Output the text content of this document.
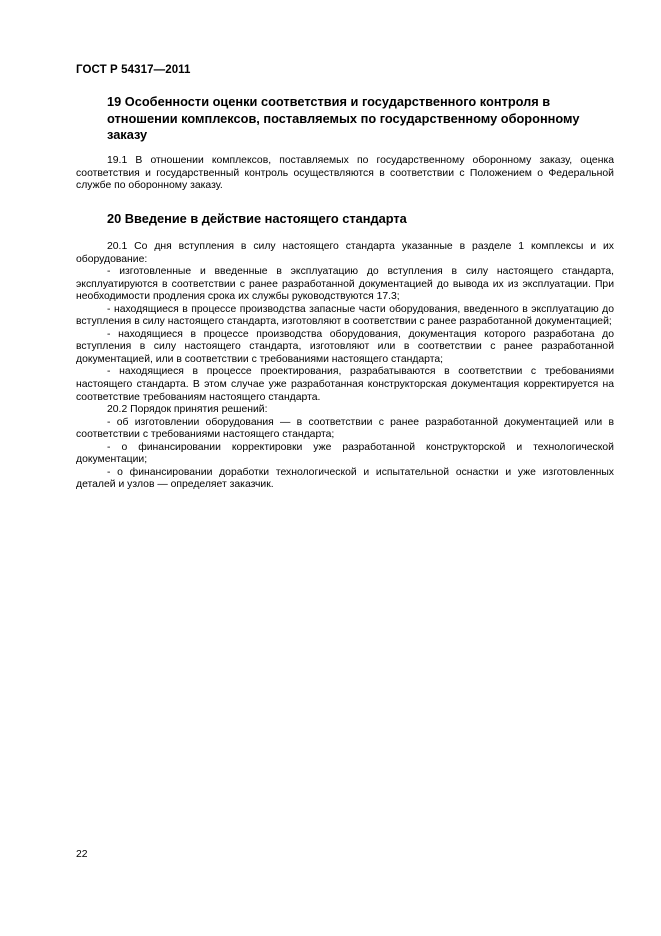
ГОСТ Р 54317—2011
19 Особенности оценки соответствия и государственного контроля в отношении комплексов, поставляемых по государственному оборонному заказу

19.1 В отношении комплексов, поставляемых по государственному оборонному заказу, оценка соответствия и государственный контроль осуществляются в соответствии с Положением о Федеральной службе по оборонному заказу.

20 Введение в действие настоящего стандарта

20.1 Со дня вступления в силу настоящего стандарта указанные в разделе 1 комплексы и их оборудование:

- изготовленные и введенные в эксплуатацию до вступления в силу настоящего стандарта, эксплуатируются в соответствии с ранее разработанной документацией до вывода их из эксплуатации. При необходимости продления срока их службы руководствуются 17.3;

- находящиеся в процессе производства запасные части оборудования, введенного в эксплуатацию до вступления в силу настоящего стандарта, изготовляют в соответствии с ранее разработанной документацией;

- находящиеся в процессе производства оборудования, документация которого разработана до вступления в силу настоящего стандарта, изготовляют или в соответствии с ранее разработанной документацией, или в соответствии с требованиями настоящего стандарта;

- находящиеся в процессе проектирования, разрабатываются в соответствии с требованиями настоящего стандарта. В этом случае уже разработанная конструкторская документация корректируется на соответствие требованиям настоящего стандарта.

20.2 Порядок принятия решений:

- об изготовлении оборудования — в соответствии с ранее разработанной документацией или в соответствии с требованиями настоящего стандарта;

- о финансировании корректировки уже разработанной конструкторской и технологической документации;

- о финансировании доработки технологической и испытательной оснастки и уже изготовленных деталей и узлов — определяет заказчик.

22
